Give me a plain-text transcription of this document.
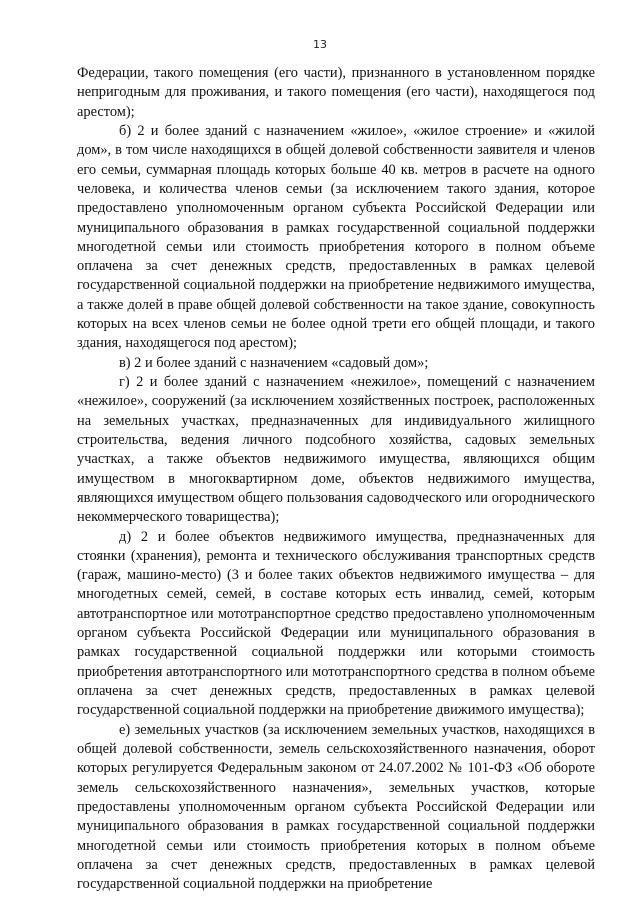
13

Федерации, такого помещения (его части), признанного в установленном порядке непригодным для проживания, и такого помещения (его части), находящегося под арестом);

б) 2 и более зданий с назначением «жилое», «жилое строение» и «жилой дом», в том числе находящихся в общей долевой собственности заявителя и членов его семьи, суммарная площадь которых больше 40 кв. метров в расчете на одного человека, и количества членов семьи (за исключением такого здания, которое предоставлено уполномоченным органом субъекта Российской Федерации или муниципального образования в рамках государственной социальной поддержки многодетной семьи или стоимость приобретения которого в полном объеме оплачена за счет денежных средств, предоставленных в рамках целевой государственной социальной поддержки на приобретение недвижимого имущества, а также долей в праве общей долевой собственности на такое здание, совокупность которых на всех членов семьи не более одной трети его общей площади, и такого здания, находящегося под арестом);

в) 2 и более зданий с назначением «садовый дом»;

г) 2 и более зданий с назначением «нежилое», помещений с назначением «нежилое», сооружений (за исключением хозяйственных построек, расположенных на земельных участках, предназначенных для индивидуального жилищного строительства, ведения личного подсобного хозяйства, садовых земельных участках, а также объектов недвижимого имущества, являющихся общим имуществом в многоквартирном доме, объектов недвижимого имущества, являющихся имуществом общего пользования садоводческого или огороднического некоммерческого товарищества);

д) 2 и более объектов недвижимого имущества, предназначенных для стоянки (хранения), ремонта и технического обслуживания транспортных средств (гараж, машино-место) (3 и более таких объектов недвижимого имущества – для многодетных семей, семей, в составе которых есть инвалид, семей, которым автотранспортное или мототранспортное средство предоставлено уполномоченным органом субъекта Российской Федерации или муниципального образования в рамках государственной социальной поддержки или которыми стоимость приобретения автотранспортного или мототранспортного средства в полном объеме оплачена за счет денежных средств, предоставленных в рамках целевой государственной социальной поддержки на приобретение движимого имущества);

е) земельных участков (за исключением земельных участков, находящихся в общей долевой собственности, земель сельскохозяйственного назначения, оборот которых регулируется Федеральным законом от 24.07.2002 № 101-ФЗ «Об обороте земель сельскохозяйственного назначения», земельных участков, которые предоставлены уполномоченным органом субъекта Российской Федерации или муниципального образования в рамках государственной социальной поддержки многодетной семьи или стоимость приобретения которых в полном объеме оплачена за счет денежных средств, предоставленных в рамках целевой государственной социальной поддержки на приобретение
